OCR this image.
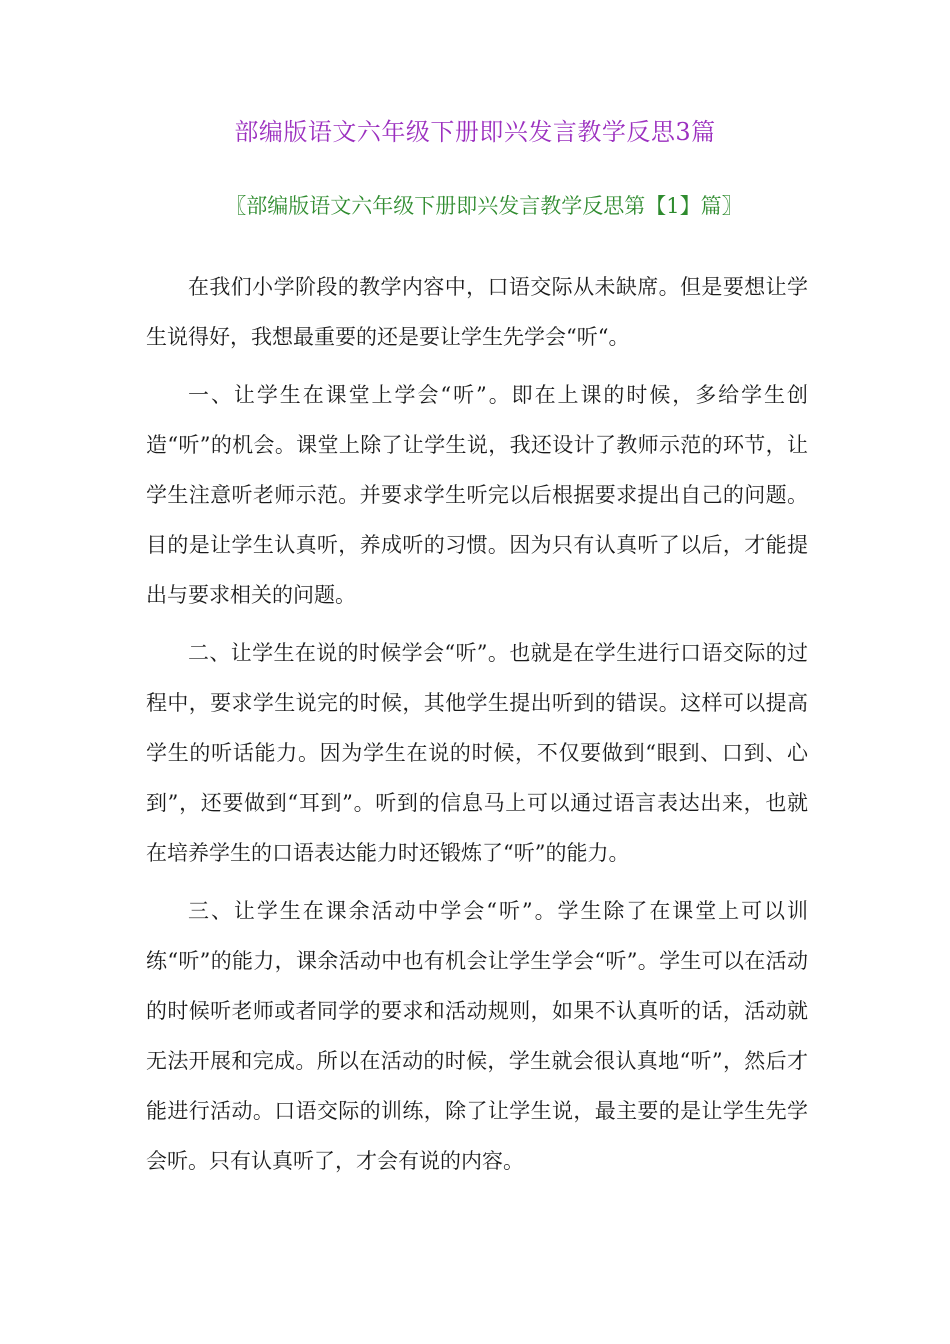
部编版语文六年级下册即兴发言教学反思3篇
〖部编版语文六年级下册即兴发言教学反思第【1】篇〗

在我们小学阶段的教学内容中，口语交际从未缺席。但是要想让学生说得好，我想最重要的还是要让学生先学会“听“。

一、让学生在课堂上学会“听”。即在上课的时候，多给学生创造“听”的机会。课堂上除了让学生说，我还设计了教师示范的环节，让学生注意听老师示范。并要求学生听完以后根据要求提出自己的问题。目的是让学生认真听，养成听的习惯。因为只有认真听了以后，才能提出与要求相关的问题。

二、让学生在说的时候学会“听”。也就是在学生进行口语交际的过程中，要求学生说完的时候，其他学生提出听到的错误。这样可以提高学生的听话能力。因为学生在说的时候，不仅要做到“眼到、口到、心到”，还要做到“耳到”。听到的信息马上可以通过语言表达出来，也就在培养学生的口语表达能力时还锻炼了“听”的能力。

三、让学生在课余活动中学会“听”。学生除了在课堂上可以训练“听”的能力，课余活动中也有机会让学生学会“听”。学生可以在活动的时候听老师或者同学的要求和活动规则，如果不认真听的话，活动就无法开展和完成。所以在活动的时候，学生就会很认真地“听”，然后才能进行活动。口语交际的训练，除了让学生说，最主要的是让学生先学会听。只有认真听了，才会有说的内容。
